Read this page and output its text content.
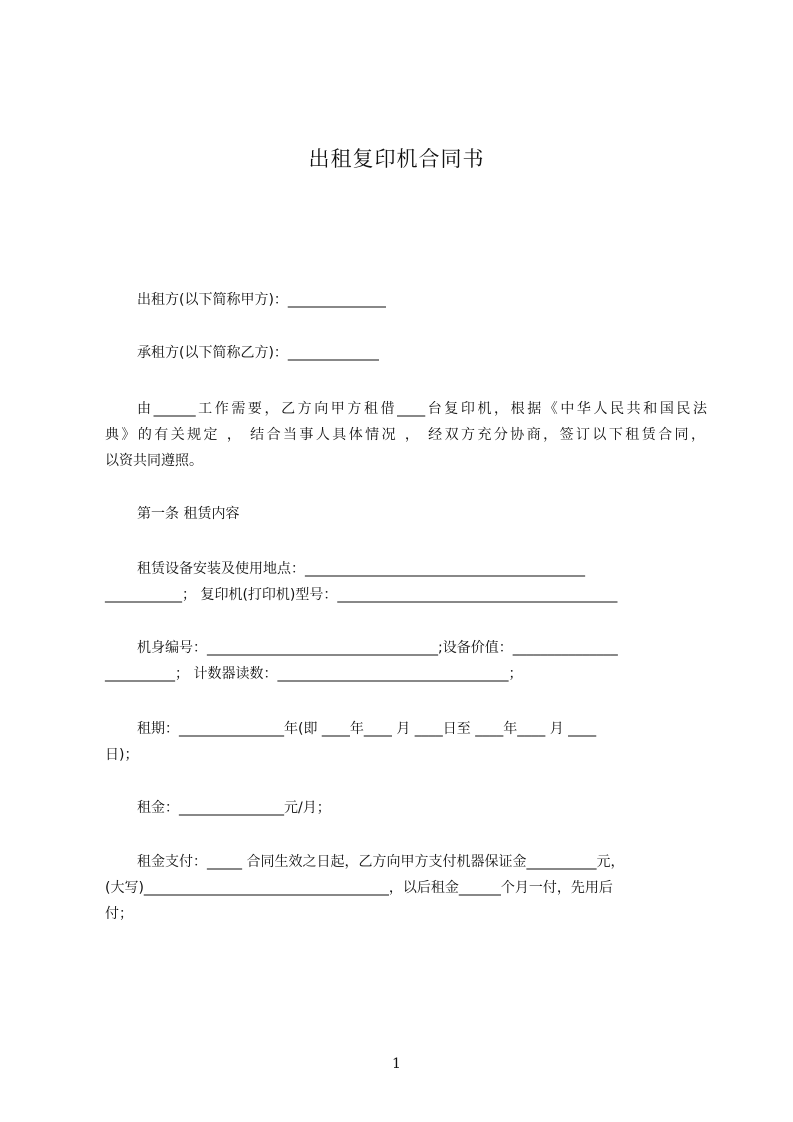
出租复印机合同书
出租方(以下简称甲方)：______________
承租方(以下简称乙方)：_____________
由______工作需要，乙方向甲方租借____台复印机，根据《中华人民共和国民法
典》的有关规定 ， 结合当事人具体情况 ， 经双方充分协商，签订以下租赁合同，
以资共同遵照。
第一条 租赁内容
租赁设备安装及使用地点：________________________________________
___________； 复印机(打印机)型号：________________________________________
机身编号：_________________________________;设备价值：_______________
__________； 计数器读数：_________________________________；
租期：_______________年(即 ____年____ 月 ____日至 ____年____ 月 ____
日)；
租金：_______________元/月；
租金支付：_____ 合同生效之日起，乙方向甲方支付机器保证金__________元，
(大写)___________________________________，以后租金______个月一付，先用后
付；
1
